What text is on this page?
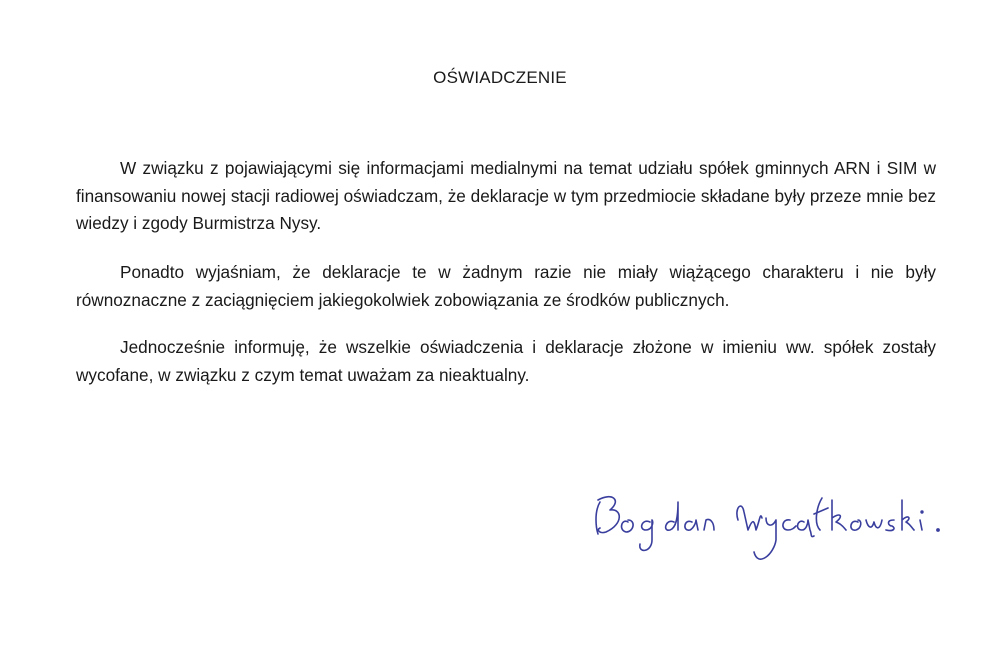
OŚWIADCZENIE

W związku z pojawiającymi się informacjami medialnymi na temat udziału spółek gminnych ARN i SIM w finansowaniu nowej stacji radiowej oświadczam, że deklaracje w tym przedmiocie składane były przeze mnie bez wiedzy i zgody Burmistrza Nysy.

Ponadto wyjaśniam, że deklaracje te w żadnym razie nie miały wiążącego charakteru i nie były równoznaczne z zaciągnięciem jakiegokolwiek zobowiązania ze środków publicznych.

Jednocześnie informuję, że wszelkie oświadczenia i deklaracje złożone w imieniu ww. spółek zostały wycofane, w związku z czym temat uważam za nieaktualny.
